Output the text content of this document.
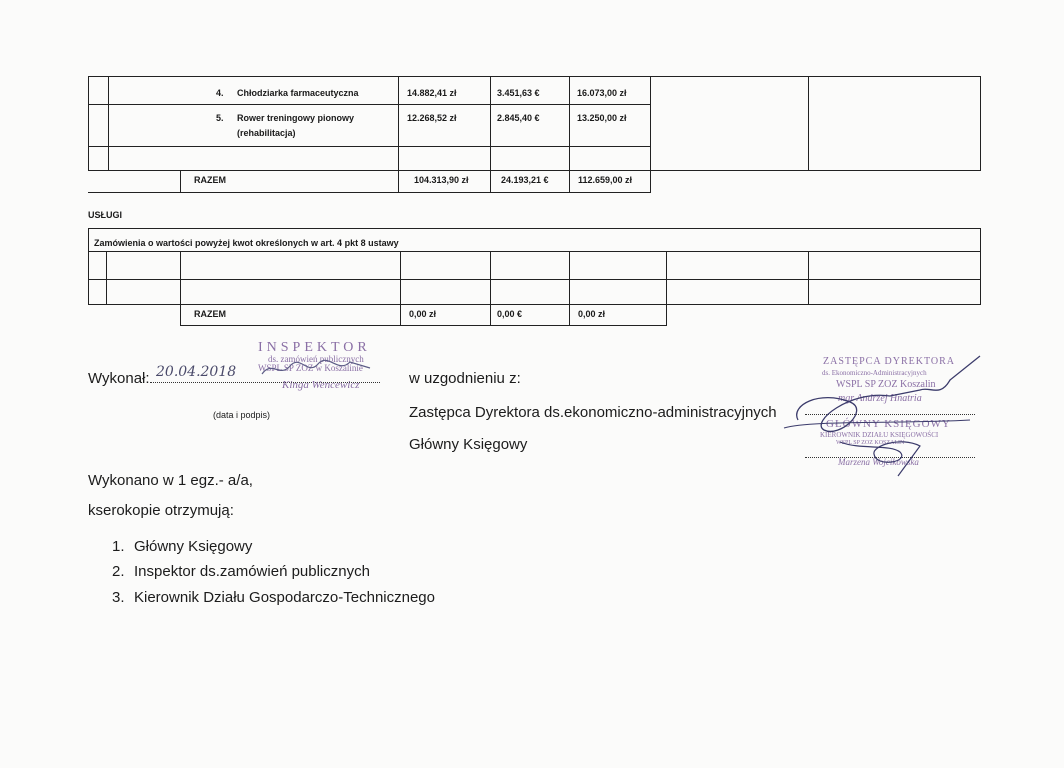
4. Chłodziarka farmaceutyczna	14.882,41 zł	3.451,63 €	16.073,00 zł
5. Rower treningowy pionowy
(rehabilitacja)
12.268,52 zł	2.845,40 €	13.250,00 zł
RAZEM	104.313,90 zł	24.193,21 €	112.659,00 zł
USŁUGI
Zamówienia o wartości powyżej kwot określonych w art. 4 pkt 8 ustawy
RAZEM	0,00 zł	0,00 €	0,00 zł
Wykonał: 20.04.2018
(data i podpis)
INSPEKTOR
ds. zamówień publicznych
WSPL SP ZOZ w Koszalinie
Kinga Wencewicz	w uzgodnieniu z:
Zastępca Dyrektora ds.ekonomiczno-administracyjnych
Główny Księgowy
ZASTĘPCA DYREKTORA
ds. Ekonomiczno-Administracyjnych
WSPL SP ZOZ Koszalin
mgr Andrzej Hnatria
GŁÓWNY KSIĘGOWY
KIEROWNIK DZIAŁU KSIĘGOWOŚCI
WSPL SP ZOZ KOSZALIN
Marzena Wojcikowska
Wykonano w 1 egz.- a/a,
kserokopie otrzymują:
1. Główny Księgowy
2. Inspektor ds.zamówień publicznych
3. Kierownik Działu Gospodarczo-Technicznego
